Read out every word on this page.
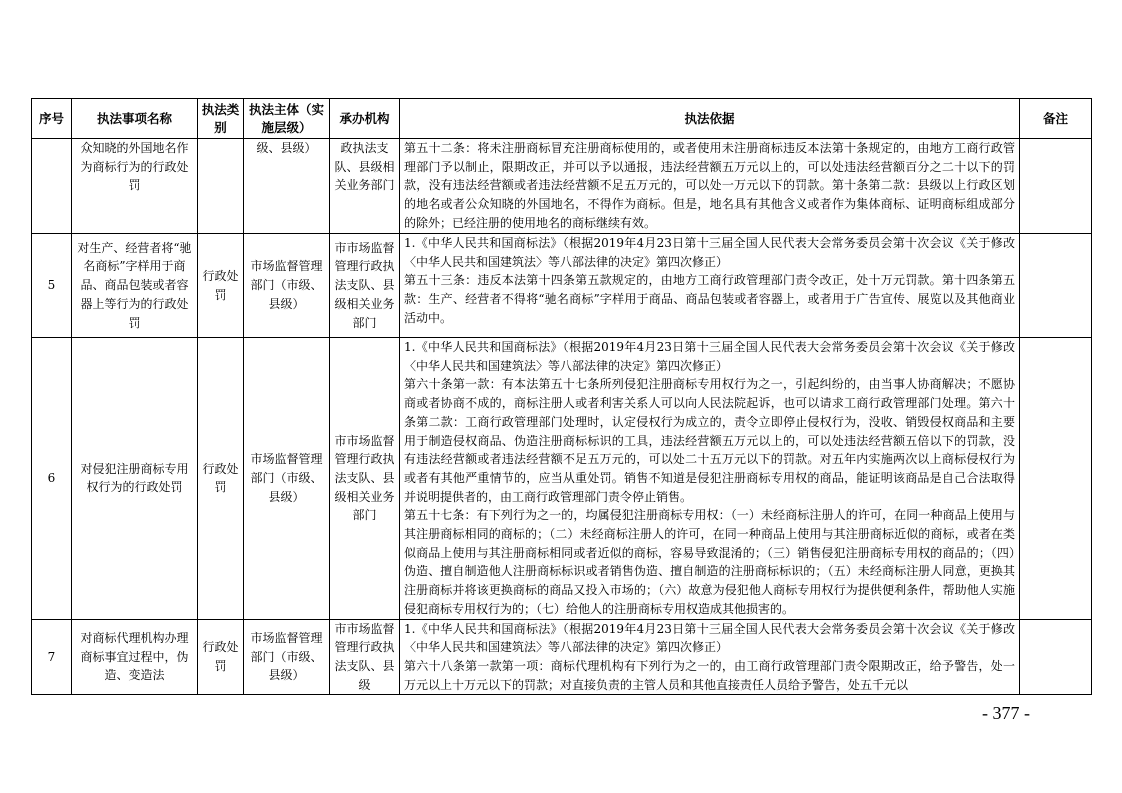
序号	执法事项名称	执法类别	执法主体（实施层级）	承办机构	执法依据	备注
	众知晓的外国地名作为商标行为的行政处罚		级、县级）	政执法支队、县级相关业务部门	第五十二条：将未注册商标冒充注册商标使用的，或者使用未注册商标违反本法第十条规定的，由地方工商行政管理部门予以制止，限期改正，并可以予以通报，违法经营额五万元以上的，可以处违法经营额百分之二十以下的罚款，没有违法经营额或者违法经营额不足五万元的，可以处一万元以下的罚款。第十条第二款：县级以上行政区划的地名或者公众知晓的外国地名，不得作为商标。但是，地名具有其他含义或者作为集体商标、证明商标组成部分的除外；已经注册的使用地名的商标继续有效。	

5	对生产、经营者将“驰名商标”字样用于商品、商品包装或者容器上等行为的行政处罚	行政处罚	市场监督管理部门（市级、县级）	市市场监督管理行政执法支队、县级相关业务部门	1.《中华人民共和国商标法》（根据2019年4月23日第十三届全国人民代表大会常务委员会第十次会议《关于修改〈中华人民共和国建筑法〉等八部法律的决定》第四次修正）

第五十三条：违反本法第十四条第五款规定的，由地方工商行政管理部门责令改正，处十万元罚款。第十四条第五款：生产、经营者不得将“驰名商标”字样用于商品、商品包装或者容器上，或者用于广告宣传、展览以及其他商业活动中。	

6	对侵犯注册商标专用权行为的行政处罚	行政处罚	市场监督管理部门（市级、县级）	市市场监督管理行政执法支队、县级相关业务部门	1.《中华人民共和国商标法》（根据2019年4月23日第十三届全国人民代表大会常务委员会第十次会议《关于修改〈中华人民共和国建筑法〉等八部法律的决定》第四次修正）

第六十条第一款：有本法第五十七条所列侵犯注册商标专用权行为之一，引起纠纷的，由当事人协商解决；不愿协商或者协商不成的，商标注册人或者利害关系人可以向人民法院起诉，也可以请求工商行政管理部门处理。第六十条第二款：工商行政管理部门处理时，认定侵权行为成立的，责令立即停止侵权行为，没收、销毁侵权商品和主要用于制造侵权商品、伪造注册商标标识的工具，违法经营额五万元以上的，可以处违法经营额五倍以下的罚款，没有违法经营额或者违法经营额不足五万元的，可以处二十五万元以下的罚款。对五年内实施两次以上商标侵权行为或者有其他严重情节的，应当从重处罚。销售不知道是侵犯注册商标专用权的商品，能证明该商品是自己合法取得并说明提供者的，由工商行政管理部门责令停止销售。

第五十七条：有下列行为之一的，均属侵犯注册商标专用权：（一）未经商标注册人的许可，在同一种商品上使用与其注册商标相同的商标的；（二）未经商标注册人的许可，在同一种商品上使用与其注册商标近似的商标，或者在类似商品上使用与其注册商标相同或者近似的商标，容易导致混淆的；（三）销售侵犯注册商标专用权的商品的；（四）伪造、擅自制造他人注册商标标识或者销售伪造、擅自制造的注册商标标识的；（五）未经商标注册人同意，更换其注册商标并将该更换商标的商品又投入市场的；（六）故意为侵犯他人商标专用权行为提供便利条件，帮助他人实施侵犯商标专用权行为的；（七）给他人的注册商标专用权造成其他损害的。	

7	对商标代理机构办理商标事宜过程中，伪造、变造法	行政处罚	市场监督管理部门（市级、县级）	市市场监督管理行政执法支队、县级	1.《中华人民共和国商标法》（根据2019年4月23日第十三届全国人民代表大会常务委员会第十次会议《关于修改〈中华人民共和国建筑法〉等八部法律的决定》第四次修正）

第六十八条第一款第一项：商标代理机构有下列行为之一的，由工商行政管理部门责令限期改正，给予警告，处一万元以上十万元以下的罚款；对直接负责的主管人员和其他直接责任人员给予警告，处五千元以	

- 377 -
